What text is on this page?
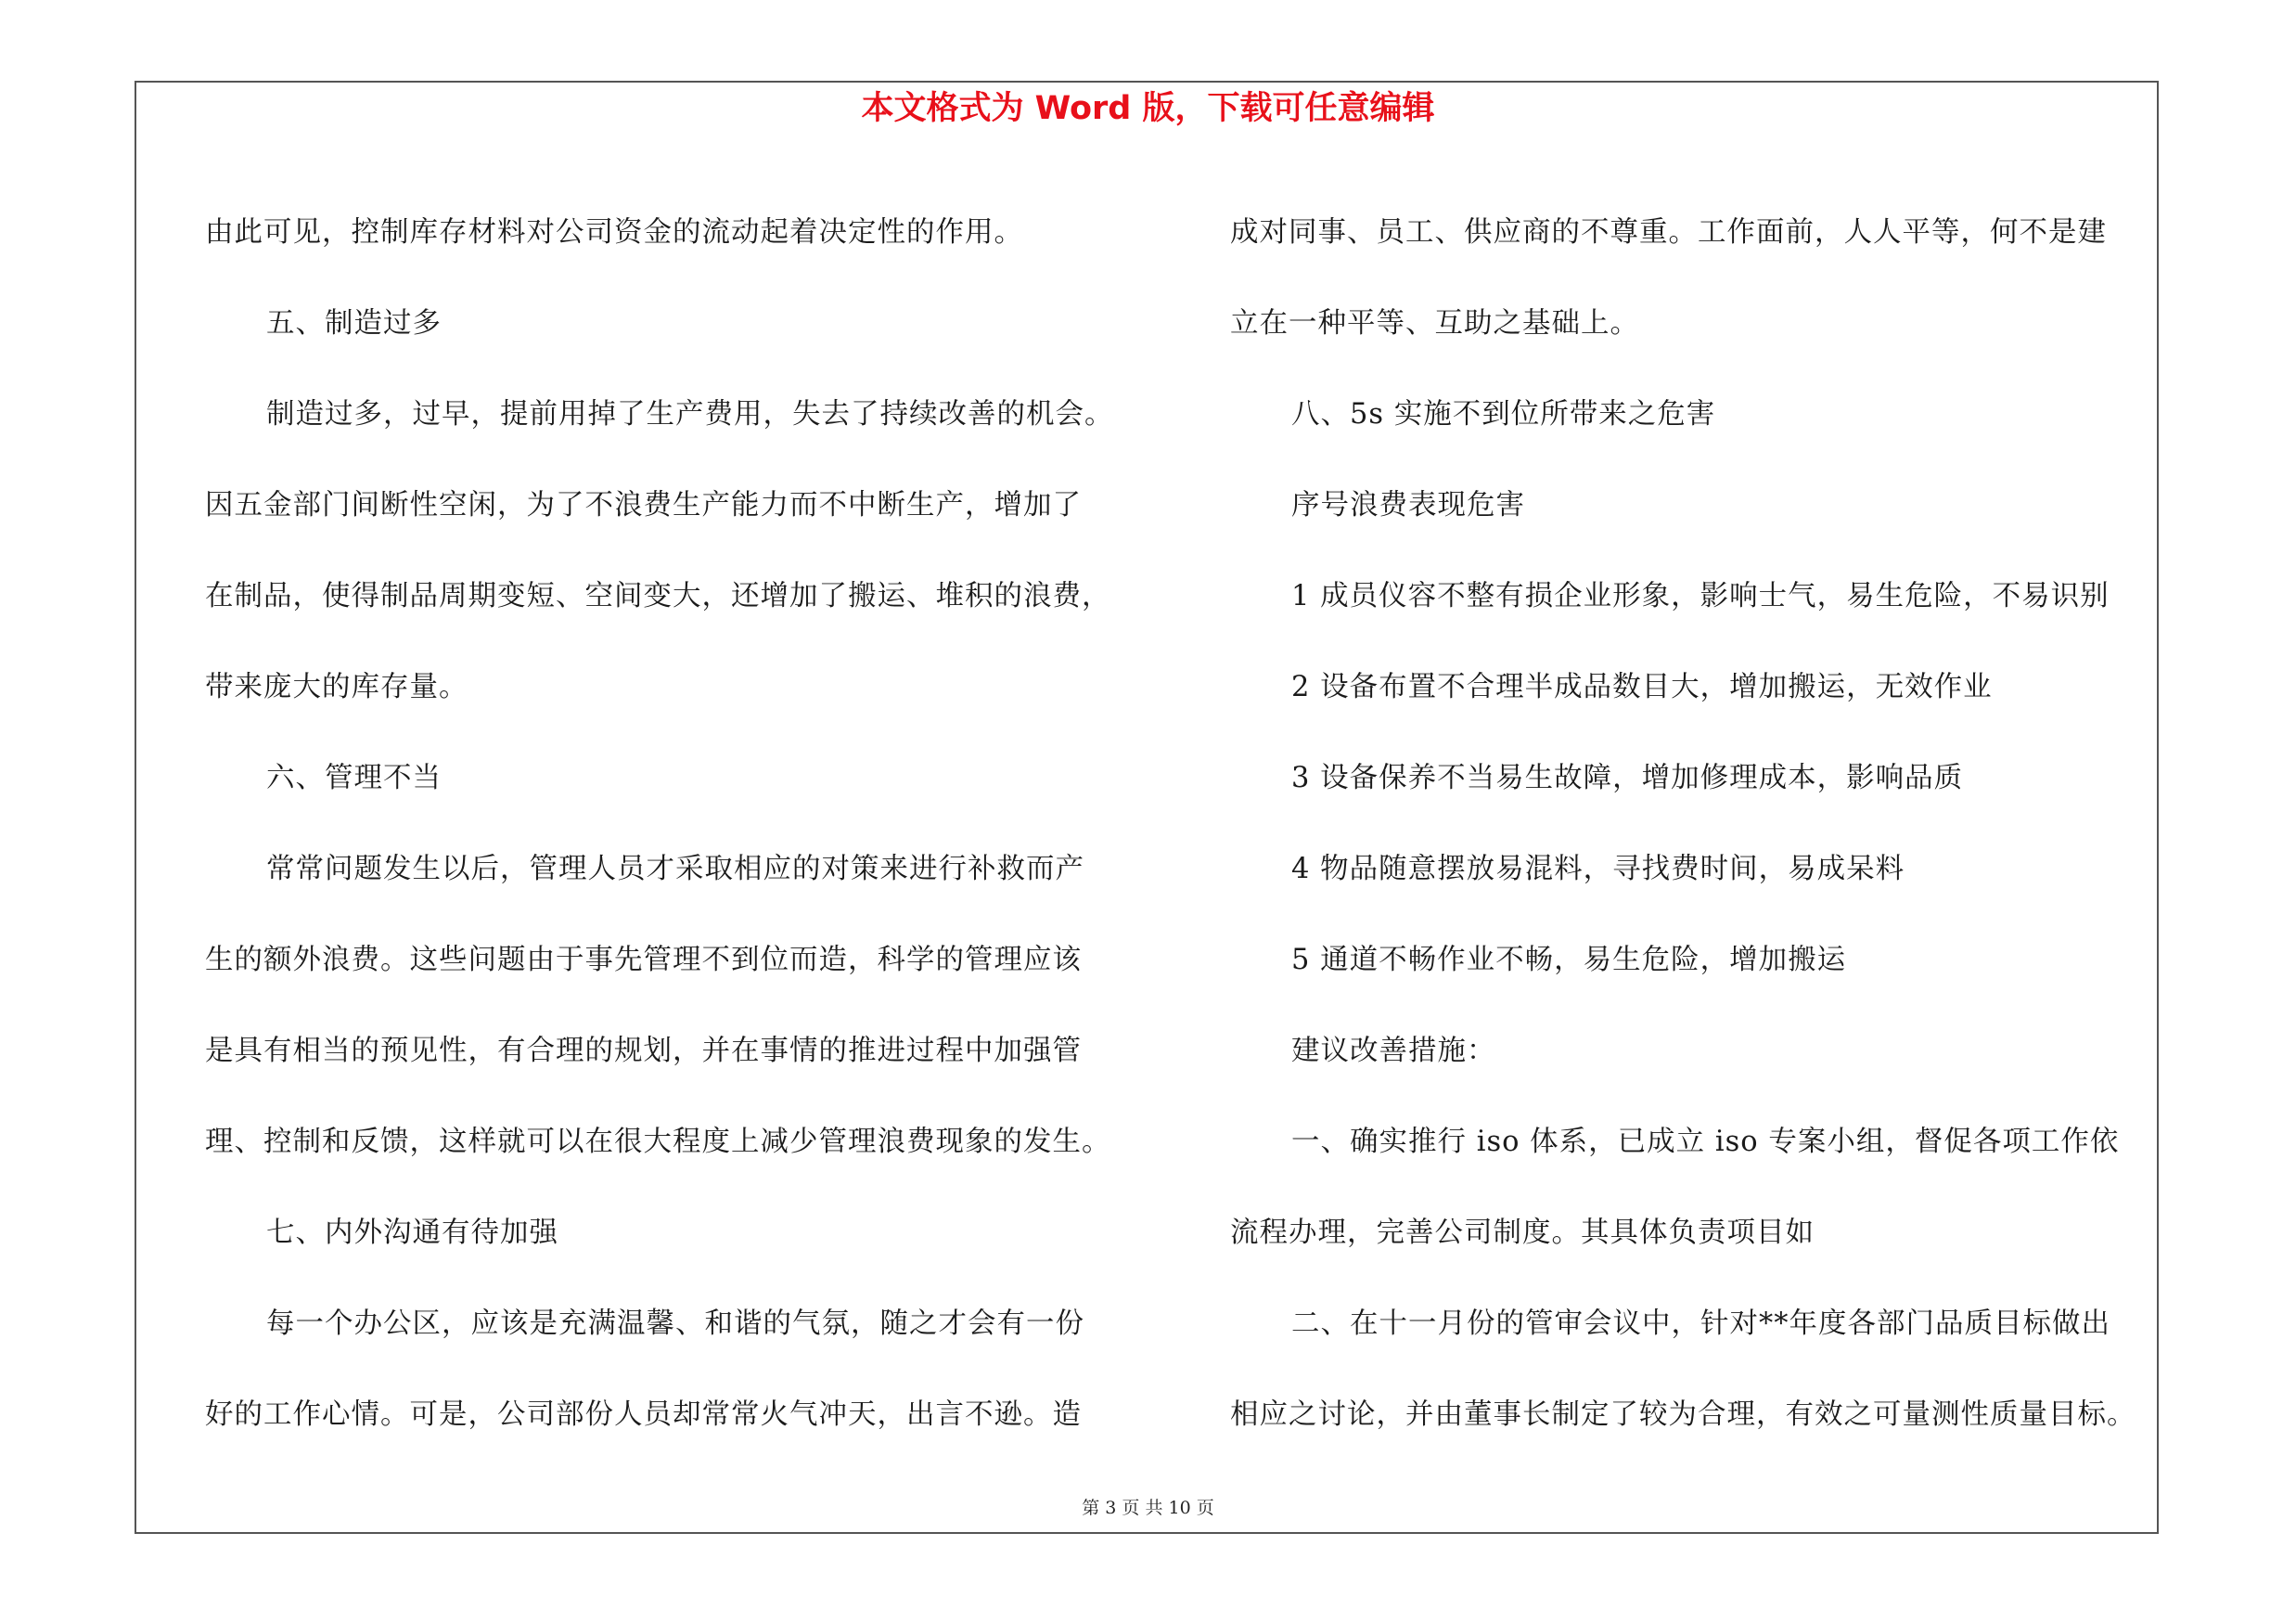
本文格式为 Word 版，下载可任意编辑
由此可见，控制库存材料对公司资金的流动起着决定性的作用。
五、制造过多
制造过多，过早，提前用掉了生产费用，失去了持续改善的机会。
因五金部门间断性空闲，为了不浪费生产能力而不中断生产，增加了
在制品，使得制品周期变短、空间变大，还增加了搬运、堆积的浪费，
带来庞大的库存量。
六、管理不当
常常问题发生以后，管理人员才采取相应的对策来进行补救而产
生的额外浪费。这些问题由于事先管理不到位而造，科学的管理应该
是具有相当的预见性，有合理的规划，并在事情的推进过程中加强管
理、控制和反馈，这样就可以在很大程度上减少管理浪费现象的发生。
七、内外沟通有待加强
每一个办公区，应该是充满温馨、和谐的气氛，随之才会有一份
好的工作心情。可是，公司部份人员却常常火气冲天，出言不逊。造
成对同事、员工、供应商的不尊重。工作面前，人人平等，何不是建
立在一种平等、互助之基础上。
八、5s 实施不到位所带来之危害
序号浪费表现危害
1 成员仪容不整有损企业形象，影响士气，易生危险，不易识别
2 设备布置不合理半成品数目大，增加搬运，无效作业
3 设备保养不当易生故障，增加修理成本，影响品质
4 物品随意摆放易混料，寻找费时间，易成呆料
5 通道不畅作业不畅，易生危险，增加搬运
建议改善措施：
一、确实推行 iso 体系，已成立 iso 专案小组，督促各项工作依
流程办理，完善公司制度。其具体负责项目如
二、在十一月份的管审会议中，针对**年度各部门品质目标做出
相应之讨论，并由董事长制定了较为合理，有效之可量测性质量目标。
第 3 页 共 10 页
